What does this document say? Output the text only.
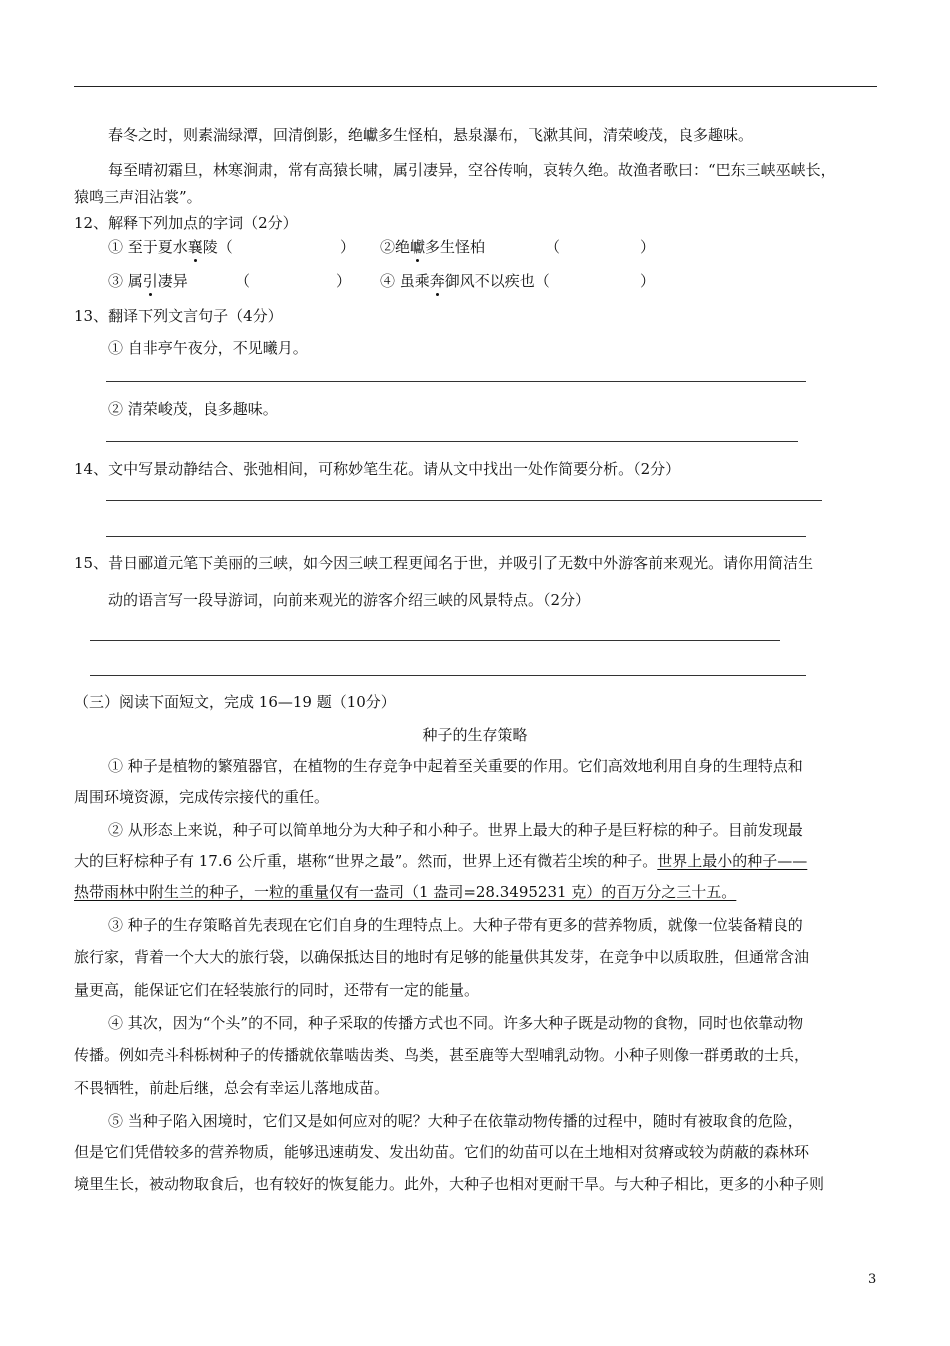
春冬之时，则素湍绿潭，回清倒影，绝巘多生怪柏，悬泉瀑布，飞漱其间，清荣峻茂，良多趣味。
每至晴初霜旦，林寒涧肃，常有高猿长啸，属引凄异，空谷传响，哀转久绝。故渔者歌曰：“巴东三峡巫峡长，
猿鸣三声泪沾裳”。
12、解释下列加点的字词（2分）
① 至于夏水襄陵（	） ②绝巘多生怪柏	（	）
③ 属引凄异	（	） ④ 虽乘奔御风不以疾也（	）
13、翻译下列文言句子（4分）
① 自非亭午夜分，不见曦月。
② 清荣峻茂，良多趣味。
14、文中写景动静结合、张弛相间，可称妙笔生花。请从文中找出一处作简要分析。（2分）
15、昔日郦道元笔下美丽的三峡，如今因三峡工程更闻名于世，并吸引了无数中外游客前来观光。请你用简洁生
动的语言写一段导游词，向前来观光的游客介绍三峡的风景特点。（2分）
（三）阅读下面短文，完成 16—19 题（10分）
种子的生存策略
① 种子是植物的繁殖器官，在植物的生存竞争中起着至关重要的作用。它们高效地利用自身的生理特点和
周围环境资源，完成传宗接代的重任。
② 从形态上来说，种子可以简单地分为大种子和小种子。世界上最大的种子是巨籽棕的种子。目前发现最
大的巨籽棕种子有 17.6 公斤重，堪称“世界之最”。然而，世界上还有微若尘埃的种子。世界上最小的种子——
热带雨林中附生兰的种子，一粒的重量仅有一盎司（1 盎司=28.3495231 克）的百万分之三十五。
③ 种子的生存策略首先表现在它们自身的生理特点上。大种子带有更多的营养物质，就像一位装备精良的
旅行家，背着一个大大的旅行袋，以确保抵达目的地时有足够的能量供其发芽，在竞争中以质取胜，但通常含油
量更高，能保证它们在轻装旅行的同时，还带有一定的能量。
④ 其次，因为“个头”的不同，种子采取的传播方式也不同。许多大种子既是动物的食物，同时也依靠动物
传播。例如壳斗科栎树种子的传播就依靠啮齿类、鸟类，甚至鹿等大型哺乳动物。小种子则像一群勇敢的士兵，
不畏牺牲，前赴后继，总会有幸运儿落地成苗。
⑤ 当种子陷入困境时，它们又是如何应对的呢？大种子在依靠动物传播的过程中，随时有被取食的危险，
但是它们凭借较多的营养物质，能够迅速萌发、发出幼苗。它们的幼苗可以在土地相对贫瘠或较为荫蔽的森林环
境里生长，被动物取食后，也有较好的恢复能力。此外，大种子也相对更耐干旱。与大种子相比，更多的小种子则
3
